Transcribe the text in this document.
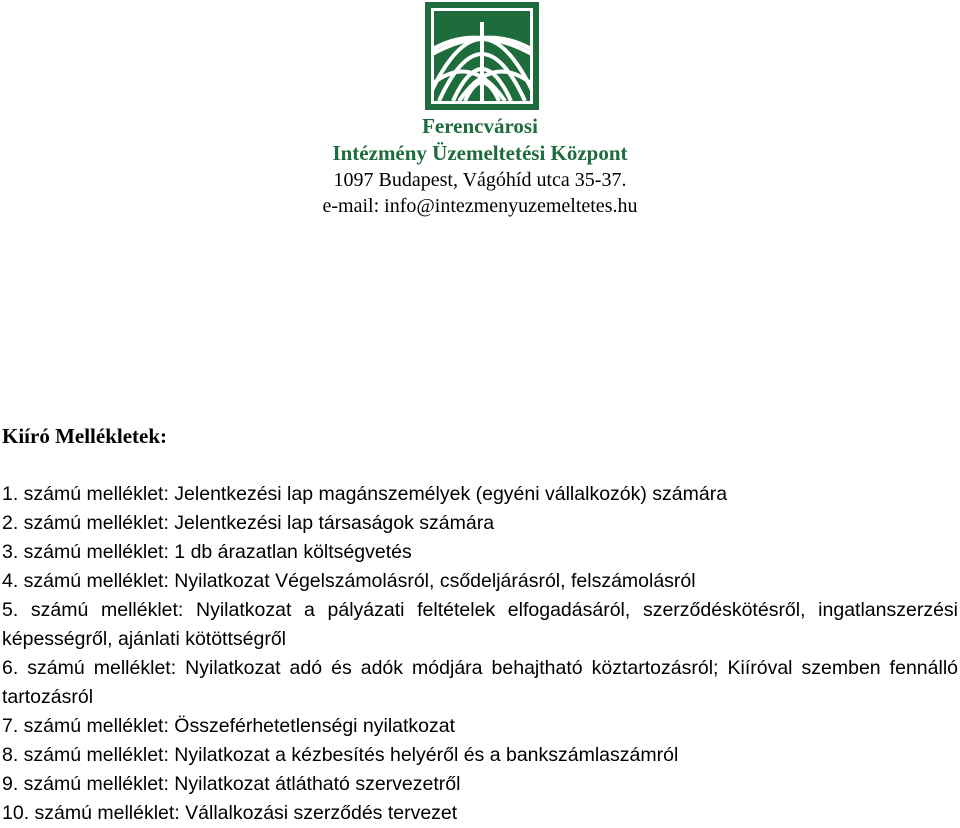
Ferencvárosi
Intézmény Üzemeltetési Központ
1097 Budapest, Vágóhíd utca 35-37.
e-mail: info@intezmenyuzemeltetes.hu
Kiíró Mellékletek:
1. számú melléklet: Jelentkezési lap magánszemélyek (egyéni vállalkozók) számára
2. számú melléklet: Jelentkezési lap társaságok számára
3. számú melléklet: 1 db árazatlan költségvetés
4. számú melléklet: Nyilatkozat Végelszámolásról, csődeljárásról, felszámolásról
5. számú melléklet: Nyilatkozat a pályázati feltételek elfogadásáról, szerződéskötésről, ingatlanszerzési képességről, ajánlati kötöttségről
6. számú melléklet: Nyilatkozat adó és adók módjára behajtható köztartozásról; Kiíróval szemben fennálló tartozásról
7. számú melléklet: Összeférhetetlenségi nyilatkozat
8. számú melléklet: Nyilatkozat a kézbesítés helyéről és a bankszámlaszámról
9. számú melléklet: Nyilatkozat átlátható szervezetről
10. számú melléklet: Vállalkozási szerződés tervezet
